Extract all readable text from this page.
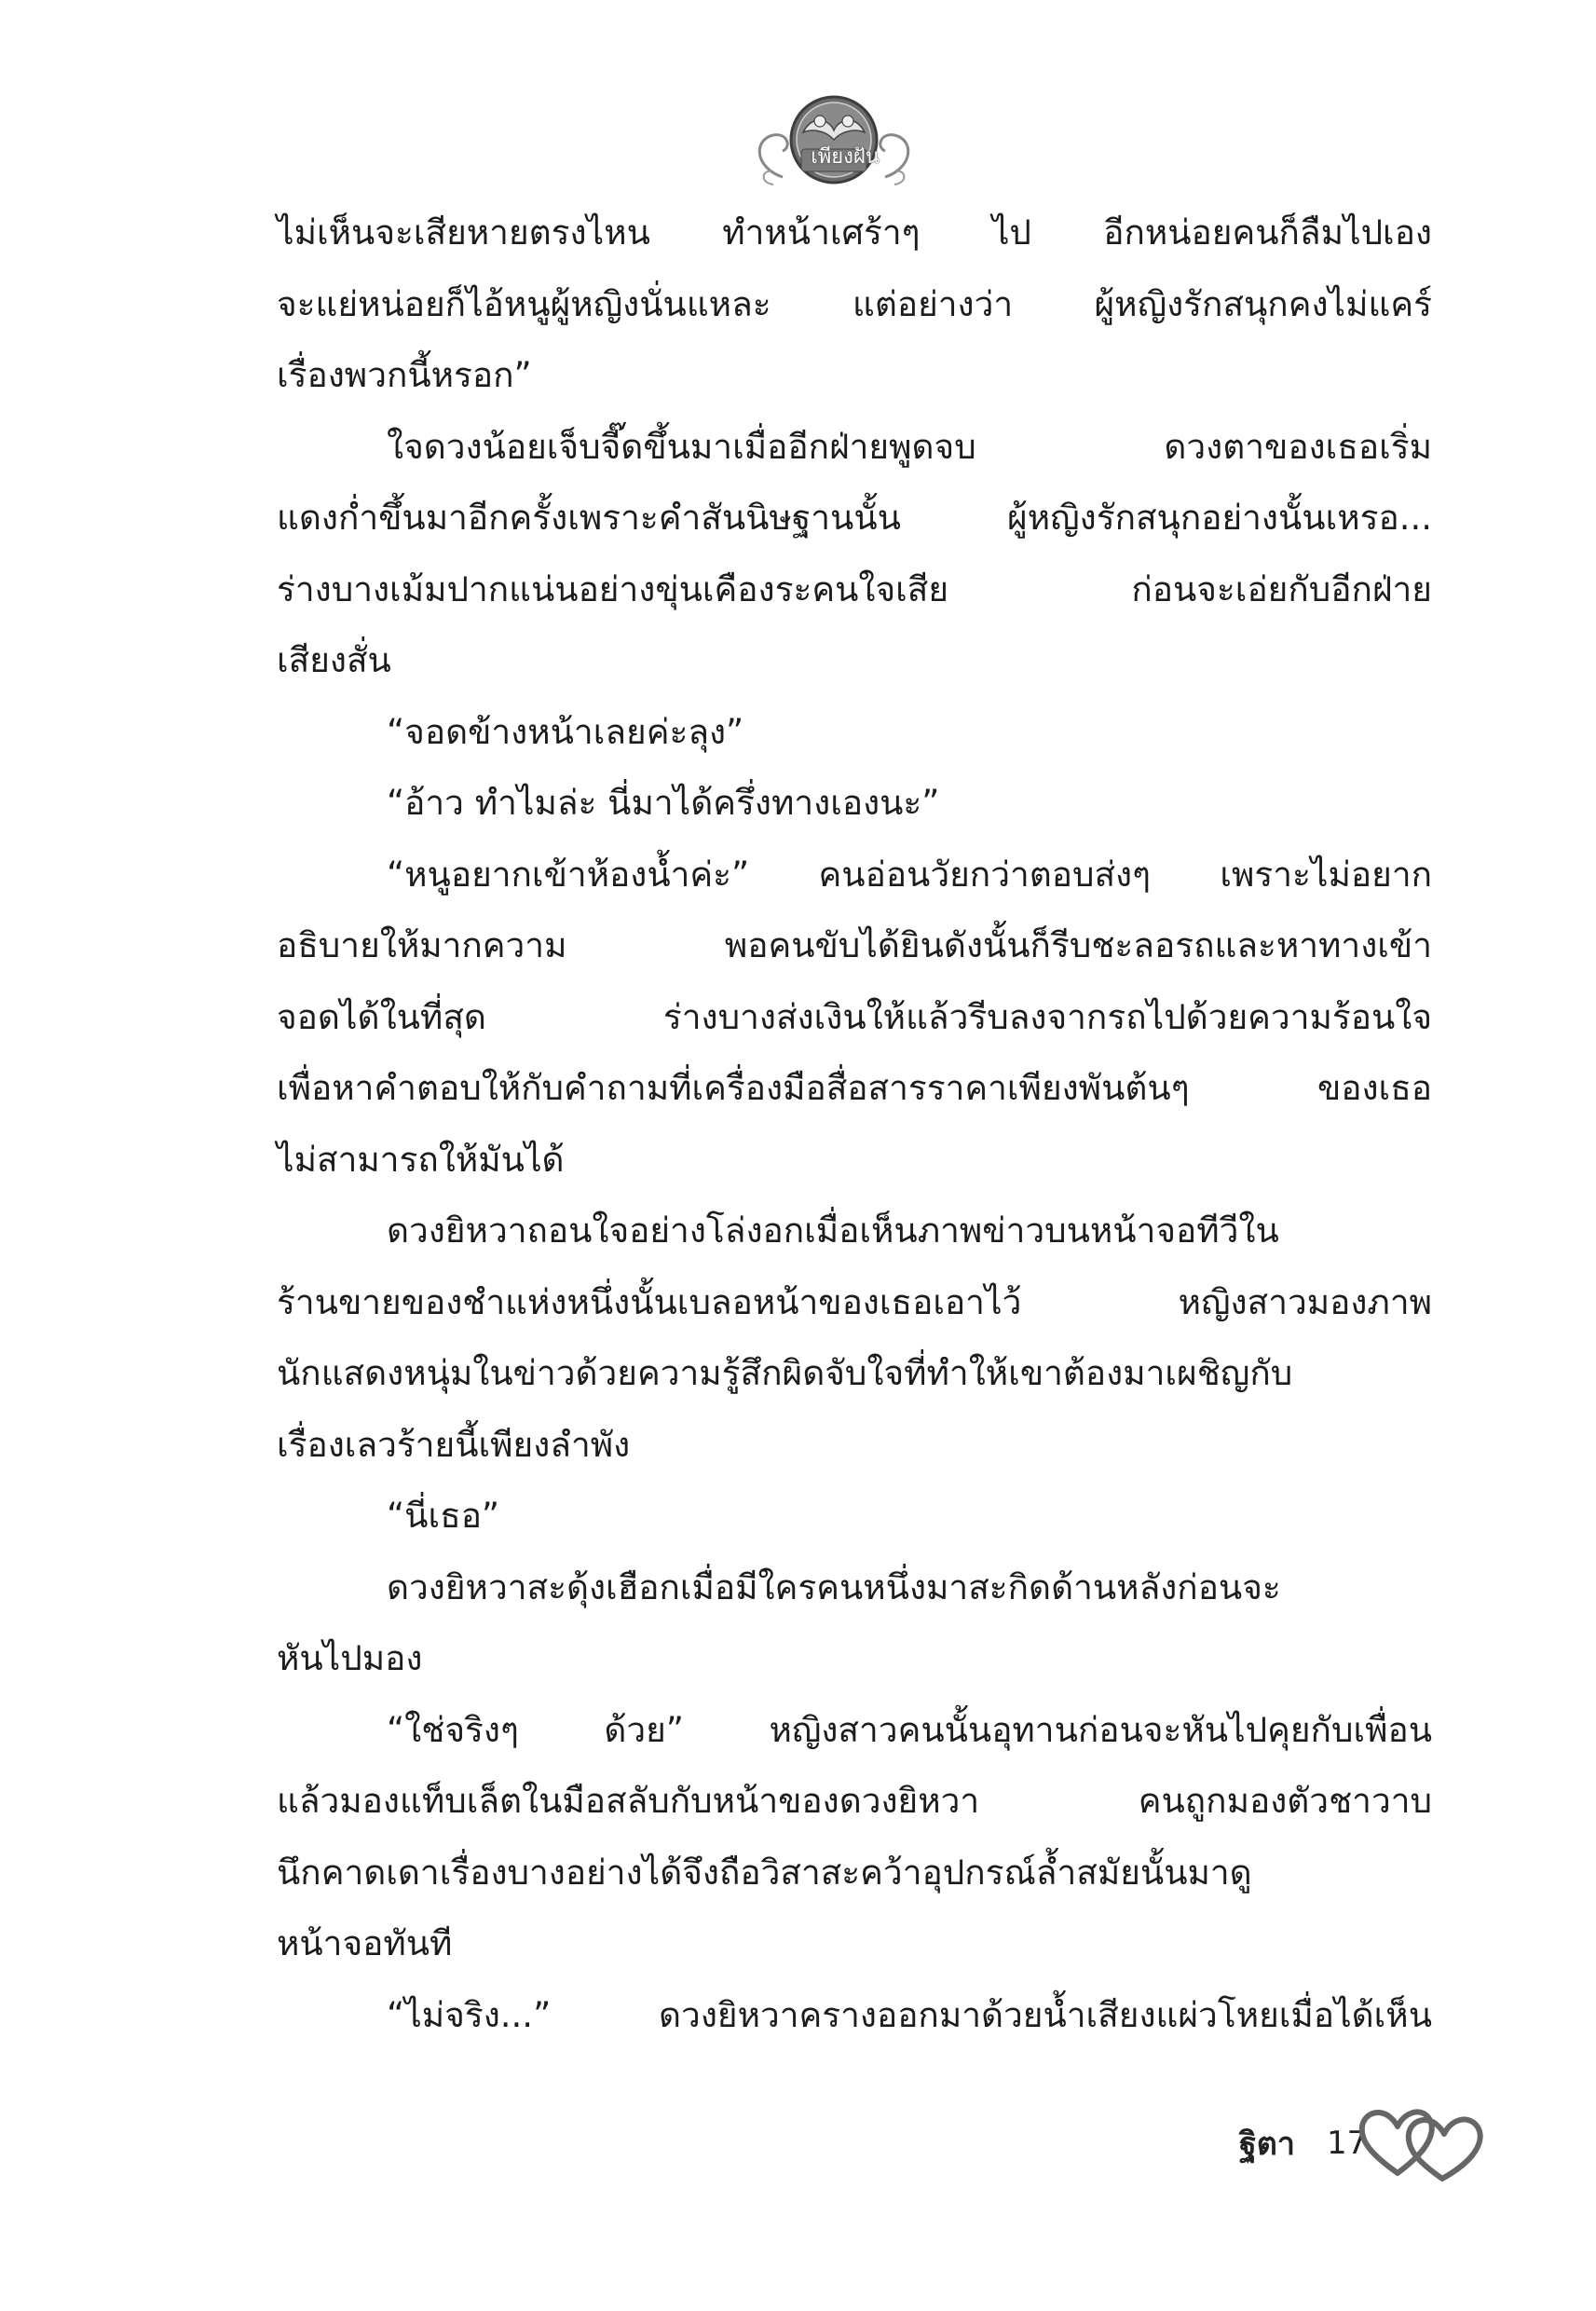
เพียงฝัน
ไม่เห็นจะเสียหายตรงไหน ทำหน้าเศร้าๆ ไป อีกหน่อยคนก็ลืมไปเอง
จะแย่หน่อยก็ไอ้หนูผู้หญิงนั่นแหละ แต่อย่างว่า ผู้หญิงรักสนุกคงไม่แคร์
เรื่องพวกนี้หรอก”
ใจดวงน้อยเจ็บจี๊ดขึ้นมาเมื่ออีกฝ่ายพูดจบ ดวงตาของเธอเริ่ม
แดงก่ำขึ้นมาอีกครั้งเพราะคำสันนิษฐานนั้น ผู้หญิงรักสนุกอย่างนั้นเหรอ...
ร่างบางเม้มปากแน่นอย่างขุ่นเคืองระคนใจเสีย ก่อนจะเอ่ยกับอีกฝ่าย
เสียงสั่น
“จอดข้างหน้าเลยค่ะลุง”
“อ้าว ทำไมล่ะ นี่มาได้ครึ่งทางเองนะ”
“หนูอยากเข้าห้องน้ำค่ะ” คนอ่อนวัยกว่าตอบส่งๆ เพราะไม่อยาก
อธิบายให้มากความ พอคนขับได้ยินดังนั้นก็รีบชะลอรถและหาทางเข้า
จอดได้ในที่สุด ร่างบางส่งเงินให้แล้วรีบลงจากรถไปด้วยความร้อนใจ
เพื่อหาคำตอบให้กับคำถามที่เครื่องมือสื่อสารราคาเพียงพันต้นๆ ของเธอ
ไม่สามารถให้มันได้
ดวงยิหวาถอนใจอย่างโล่งอกเมื่อเห็นภาพข่าวบนหน้าจอทีวีใน
ร้านขายของชำแห่งหนึ่งนั้นเบลอหน้าของเธอเอาไว้ หญิงสาวมองภาพ
นักแสดงหนุ่มในข่าวด้วยความรู้สึกผิดจับใจที่ทำให้เขาต้องมาเผชิญกับ
เรื่องเลวร้ายนี้เพียงลำพัง
“นี่เธอ”
ดวงยิหวาสะดุ้งเฮือกเมื่อมีใครคนหนึ่งมาสะกิดด้านหลังก่อนจะ
หันไปมอง
“ใช่จริงๆ ด้วย” หญิงสาวคนนั้นอุทานก่อนจะหันไปคุยกับเพื่อน
แล้วมองแท็บเล็ตในมือสลับกับหน้าของดวงยิหวา คนถูกมองตัวชาวาบ
นึกคาดเดาเรื่องบางอย่างได้จึงถือวิสาสะคว้าอุปกรณ์ล้ำสมัยนั้นมาดู
หน้าจอทันที
“ไม่จริง...” ดวงยิหวาครางออกมาด้วยน้ำเสียงแผ่วโหยเมื่อได้เห็น
ฐิตา 17
